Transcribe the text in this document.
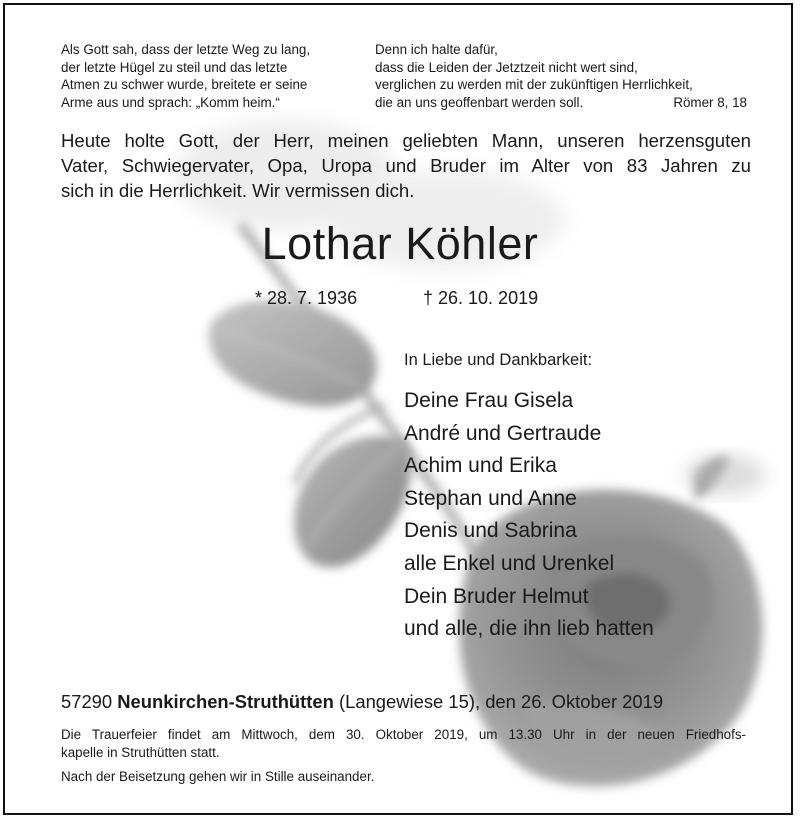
Als Gott sah, dass der letzte Weg zu lang,
der letzte Hügel zu steil und das letzte
Atmen zu schwer wurde, breitete er seine
Arme aus und sprach: „Komm heim.“
Denn ich halte dafür,
dass die Leiden der Jetztzeit nicht wert sind,
verglichen zu werden mit der zukünftigen Herrlichkeit,
die an uns geoffenbart werden soll.	Römer 8, 18
Heute holte Gott, der Herr, meinen geliebten Mann, unseren herzensguten
Vater, Schwiegervater, Opa, Uropa und Bruder im Alter von 83 Jahren zu
sich in die Herrlichkeit. Wir vermissen dich.
Lothar Köhler
* 28. 7. 1936	† 26. 10. 2019
In Liebe und Dankbarkeit:
Deine Frau Gisela
André und Gertraude
Achim und Erika
Stephan und Anne
Denis und Sabrina
alle Enkel und Urenkel
Dein Bruder Helmut
und alle, die ihn lieb hatten
57290 Neunkirchen-Struthütten (Langewiese 15), den 26. Oktober 2019
Die Trauerfeier findet am Mittwoch, dem 30. Oktober 2019, um 13.30 Uhr in der neuen Friedhofs-
kapelle in Struthütten statt.
Nach der Beisetzung gehen wir in Stille auseinander.
